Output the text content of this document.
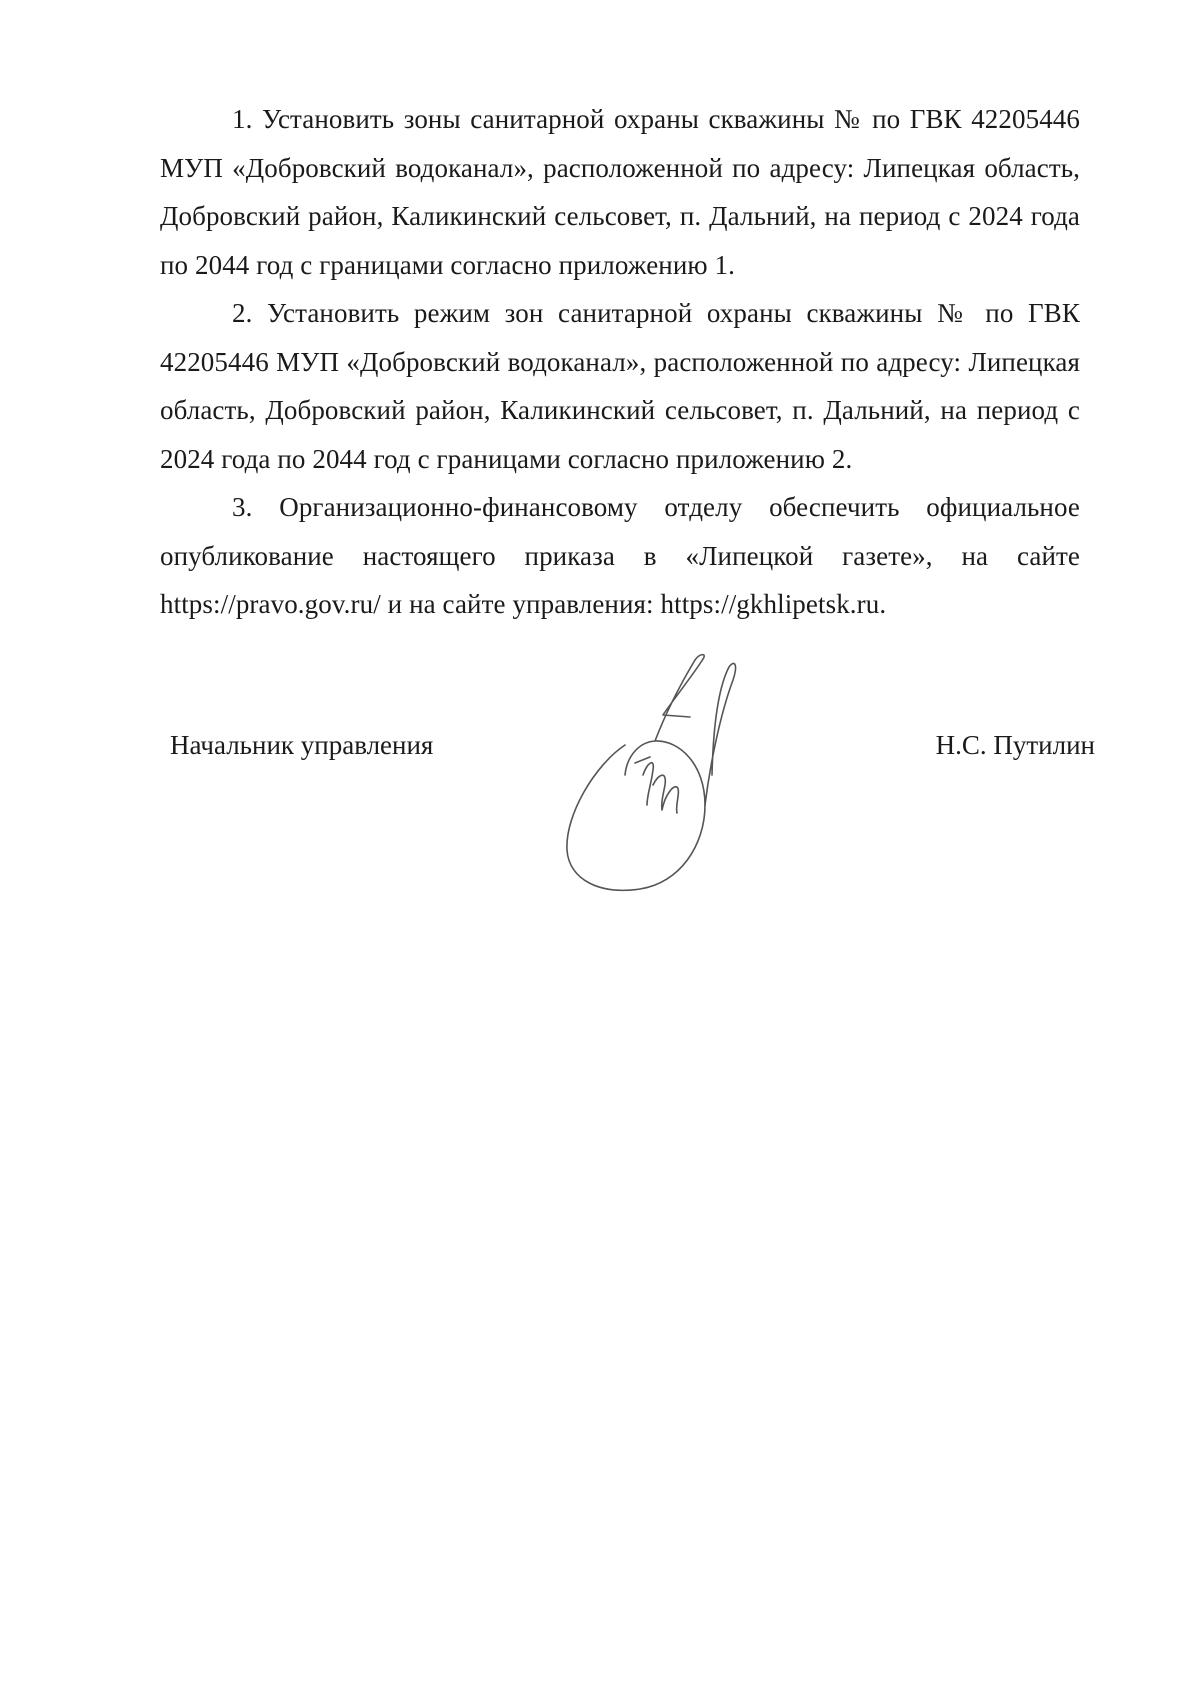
1. Установить зоны санитарной охраны скважины № по ГВК 42205446 МУП «Добровский водоканал», расположенной по адресу: Липецкая область, Добровский район, Каликинский сельсовет, п. Дальний, на период с 2024 года по 2044 год с границами согласно приложению 1.

2. Установить режим зон санитарной охраны скважины № по ГВК 42205446 МУП «Добровский водоканал», расположенной по адресу: Липецкая область, Добровский район, Каликинский сельсовет, п. Дальний, на период с 2024 года по 2044 год с границами согласно приложению 2.

3. Организационно-финансовому отделу обеспечить официальное опубликование настоящего приказа в «Липецкой газете», на сайте https://pravo.gov.ru/ и на сайте управления: https://gkhlipetsk.ru.

Начальник управления	Н.С. Путилин
